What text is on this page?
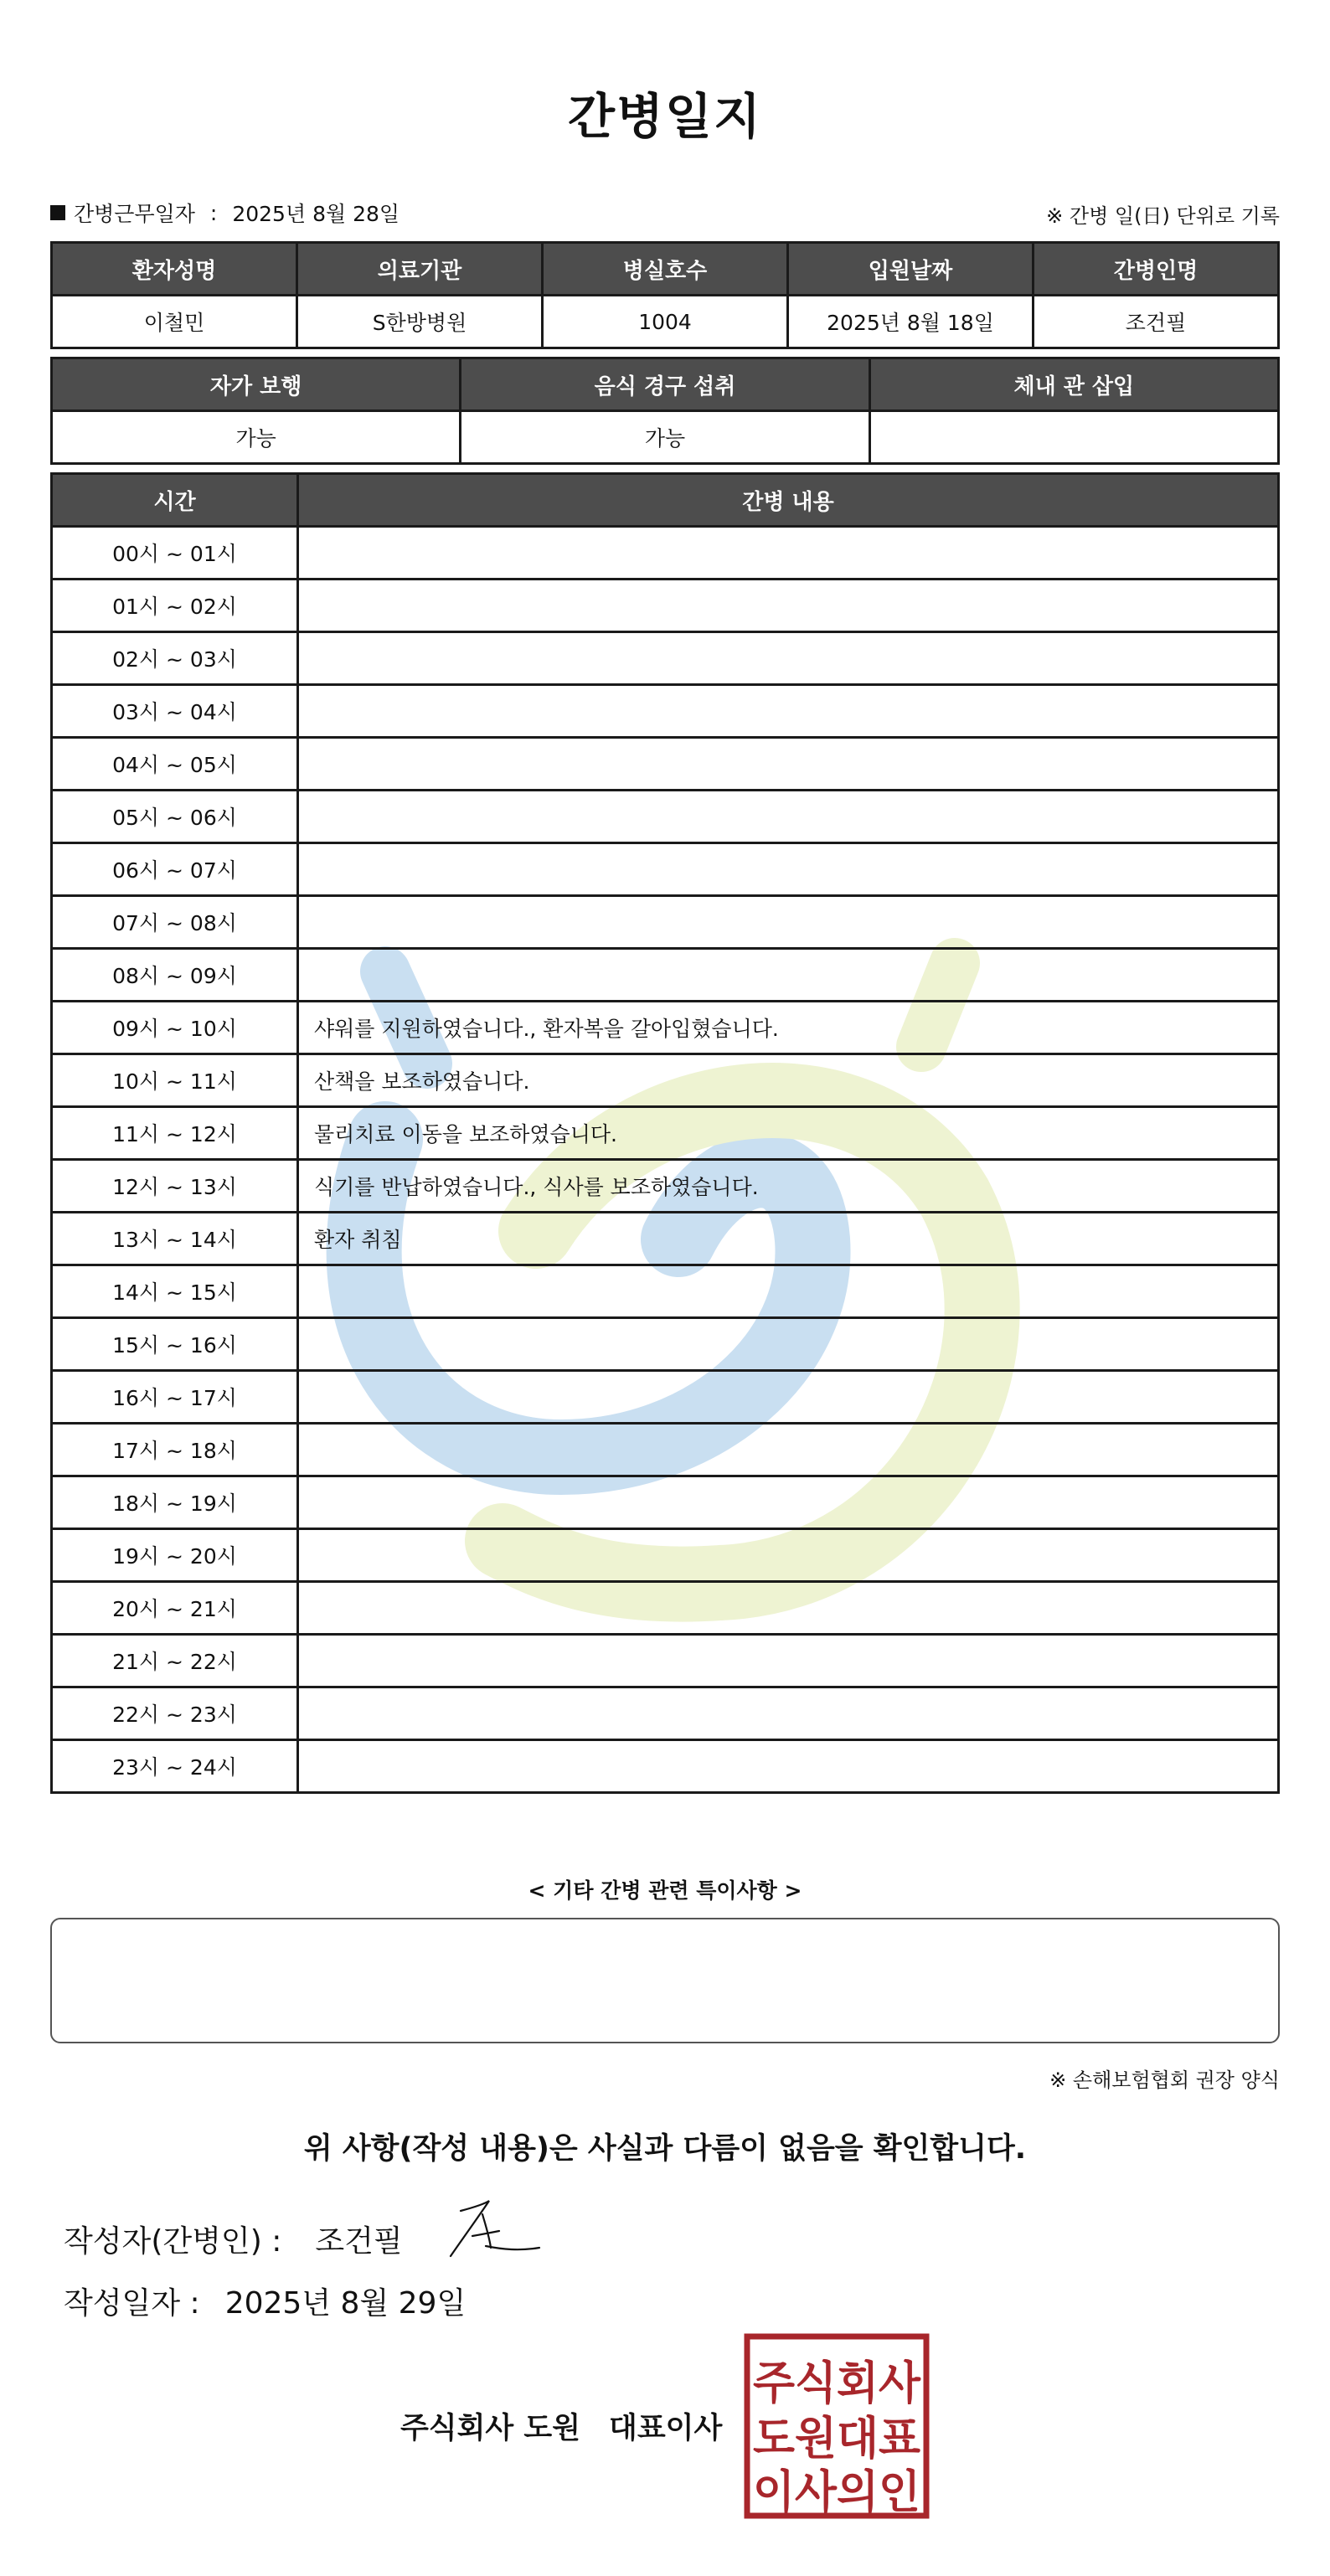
간병일지
간병근무일자 : 2025년 8월 28일	※ 간병 일(日) 단위로 기록
환자성명	의료기관	병실호수	입원날짜	간병인명
이철민	S한방병원	1004	2025년 8월 18일	조건필
자가 보행	음식 경구 섭취	체내 관 삽입
가능	가능	
시간	간병 내용
00시 ~ 01시	
01시 ~ 02시	
02시 ~ 03시	
03시 ~ 04시	
04시 ~ 05시	
05시 ~ 06시	
06시 ~ 07시	
07시 ~ 08시	
08시 ~ 09시	
09시 ~ 10시	샤워를 지원하였습니다., 환자복을 갈아입혔습니다.
10시 ~ 11시	산책을 보조하였습니다.
11시 ~ 12시	물리치료 이동을 보조하였습니다.
12시 ~ 13시	식기를 반납하였습니다., 식사를 보조하였습니다.
13시 ~ 14시	환자 취침
14시 ~ 15시	
15시 ~ 16시	
16시 ~ 17시	
17시 ~ 18시	
18시 ~ 19시	
19시 ~ 20시	
20시 ~ 21시	
21시 ~ 22시	
22시 ~ 23시	
23시 ~ 24시	
< 기타 간병 관련 특이사항 >
※ 손해보험협회 권장 양식
위 사항(작성 내용)은 사실과 다름이 없음을 확인합니다.
작성자(간병인) : 조건필
작성일자 : 2025년 8월 29일
주식회사 도원 대표이사
주식회사
도원대표
이사의인
